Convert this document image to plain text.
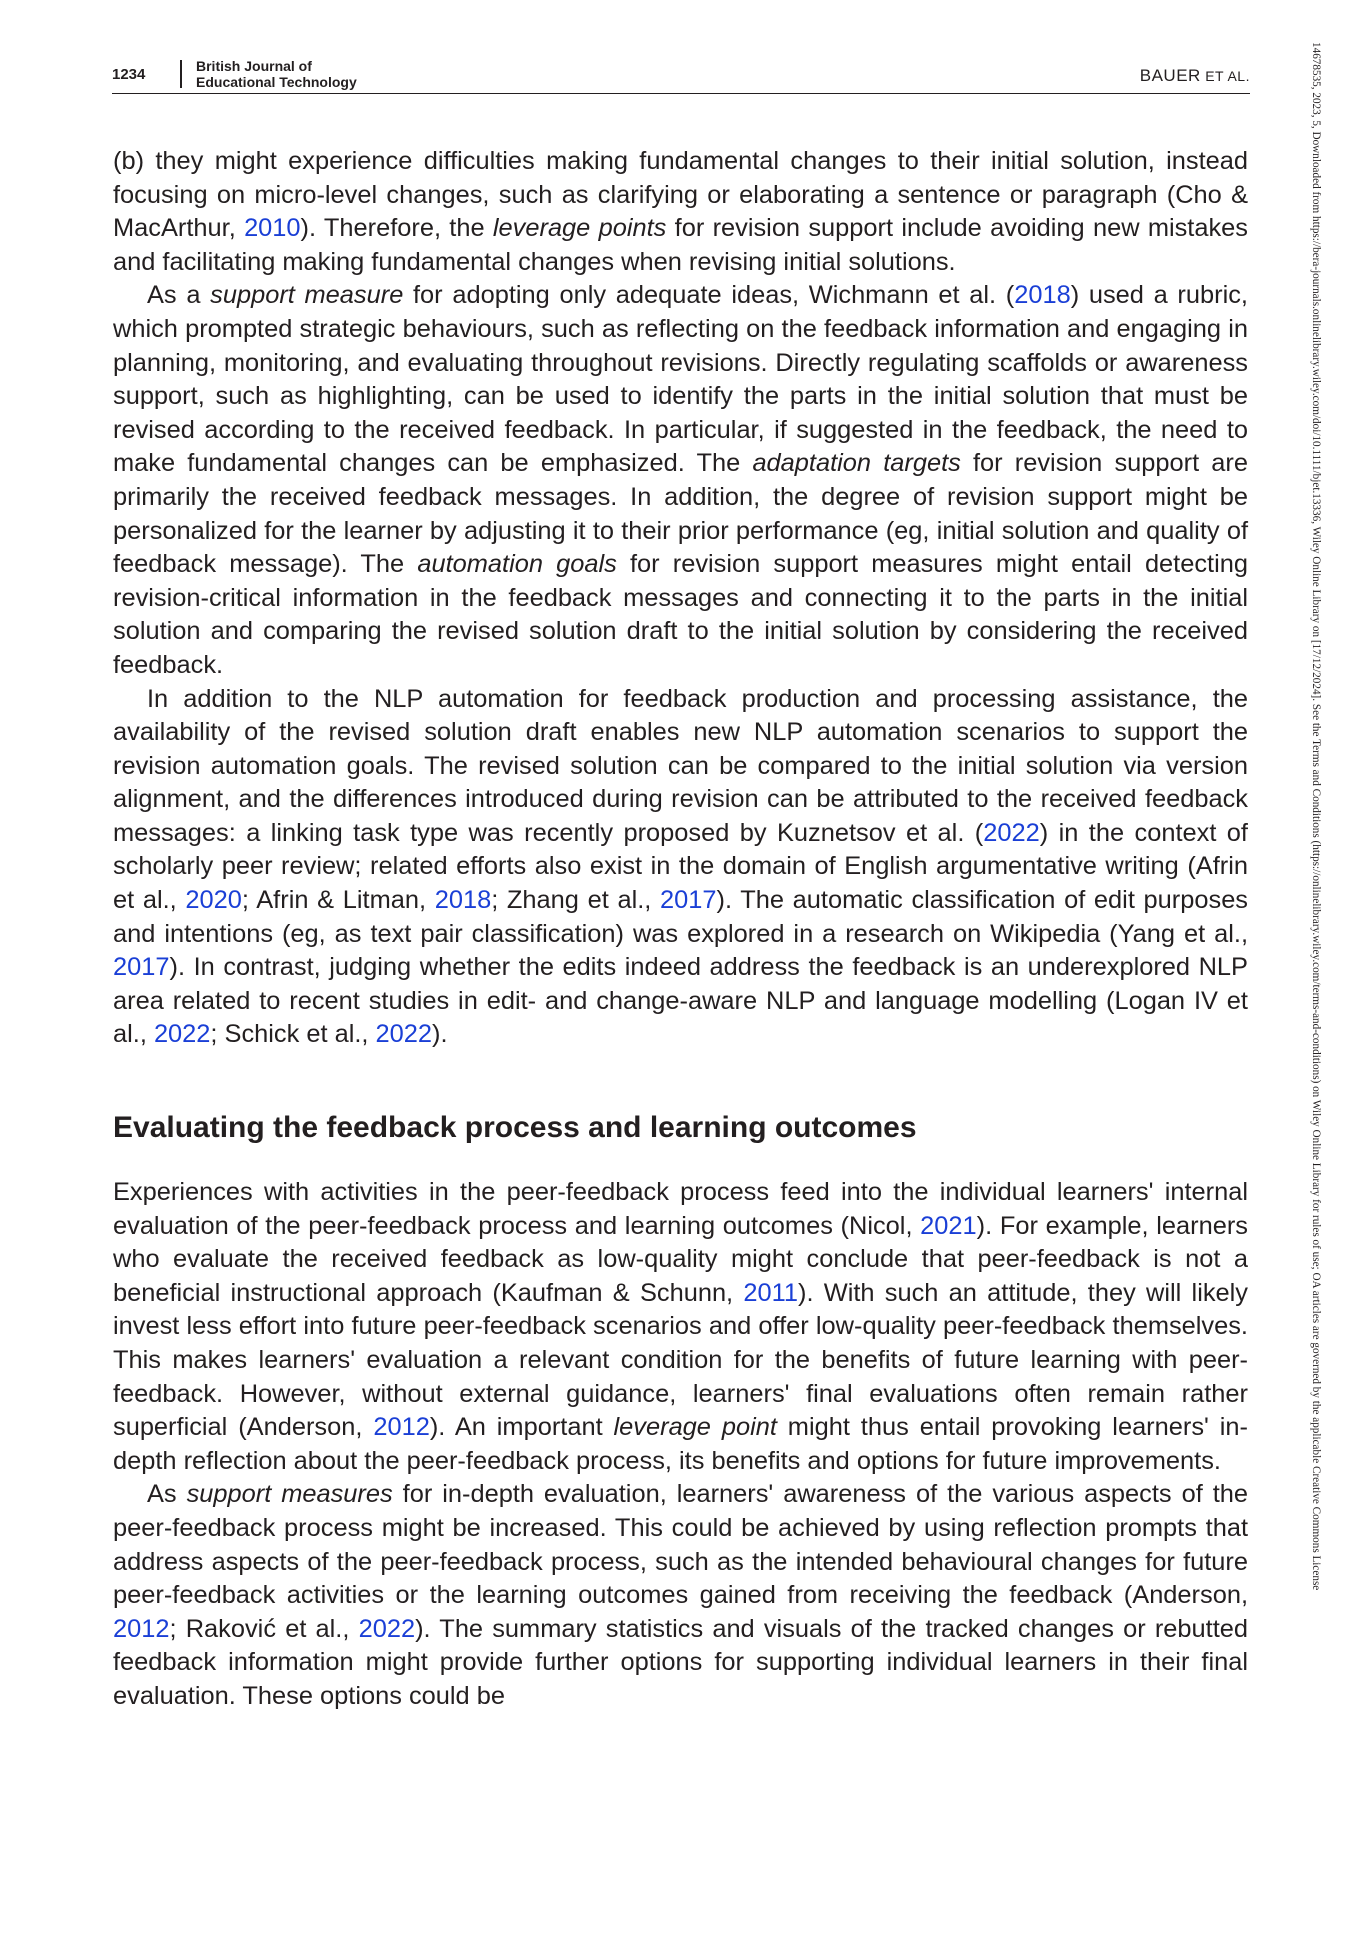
1234	British Journal of
Educational Technology	BAUER ET AL.	14678535, 2023, 5, Downloaded from https://bera-journals.onlinelibrary.wiley.com/doi/10.1111/bjet.13336, Wiley Online Library on [17/12/2024]. See the Terms and Conditions (https://onlinelibrary.wiley.com/terms-and-conditions) on Wiley Online Library for rules of use; OA articles are governed by the applicable Creative Commons License

(b) they might experience difficulties making fundamental changes to their initial solution, instead focusing on micro-level changes, such as clarifying or elaborating a sentence or paragraph (Cho & MacArthur, 2010). Therefore, the leverage points for revision support include avoiding new mistakes and facilitating making fundamental changes when revising initial solutions.

As a support measure for adopting only adequate ideas, Wichmann et al. (2018) used a rubric, which prompted strategic behaviours, such as reflecting on the feedback information and engaging in planning, monitoring, and evaluating throughout revisions. Directly regulating scaffolds or awareness support, such as highlighting, can be used to identify the parts in the initial solution that must be revised according to the received feedback. In particular, if suggested in the feedback, the need to make fundamental changes can be emphasized. The adaptation targets for revision support are primarily the received feedback messages. In addition, the degree of revision support might be personalized for the learner by adjusting it to their prior performance (eg, initial solution and quality of feedback message). The automation goals for revision support measures might entail detecting revision-critical information in the feedback messages and connecting it to the parts in the initial solution and comparing the revised solution draft to the initial solution by considering the received feedback.

In addition to the NLP automation for feedback production and processing assistance, the availability of the revised solution draft enables new NLP automation scenarios to support the revision automation goals. The revised solution can be compared to the initial solution via version alignment, and the differences introduced during revision can be attributed to the received feedback messages: a linking task type was recently proposed by Kuznetsov et al. (2022) in the context of scholarly peer review; related efforts also exist in the domain of English argumentative writing (Afrin et al., 2020; Afrin & Litman, 2018; Zhang et al., 2017). The automatic classification of edit purposes and intentions (eg, as text pair classification) was explored in a research on Wikipedia (Yang et al., 2017). In contrast, judging whether the edits indeed address the feedback is an underexplored NLP area related to recent studies in edit- and change-aware NLP and language modelling (Logan IV et al., 2022; Schick et al., 2022).

Evaluating the feedback process and learning outcomes

Experiences with activities in the peer-feedback process feed into the individual learners' internal evaluation of the peer-feedback process and learning outcomes (Nicol, 2021). For example, learners who evaluate the received feedback as low-quality might conclude that peer-feedback is not a beneficial instructional approach (Kaufman & Schunn, 2011). With such an attitude, they will likely invest less effort into future peer-feedback scenarios and offer low-quality peer-feedback themselves. This makes learners' evaluation a relevant condition for the benefits of future learning with peer-feedback. However, without external guidance, learners' final evaluations often remain rather superficial (Anderson, 2012). An important leverage point might thus entail provoking learners' in-depth reflection about the peer-feedback process, its benefits and options for future improvements.

As support measures for in-depth evaluation, learners' awareness of the various aspects of the peer-feedback process might be increased. This could be achieved by using reflection prompts that address aspects of the peer-feedback process, such as the intended behavioural changes for future peer-feedback activities or the learning outcomes gained from receiving the feedback (Anderson, 2012; Raković et al., 2022). The summary statistics and visuals of the tracked changes or rebutted feedback information might provide further options for supporting individual learners in their final evaluation. These options could be
